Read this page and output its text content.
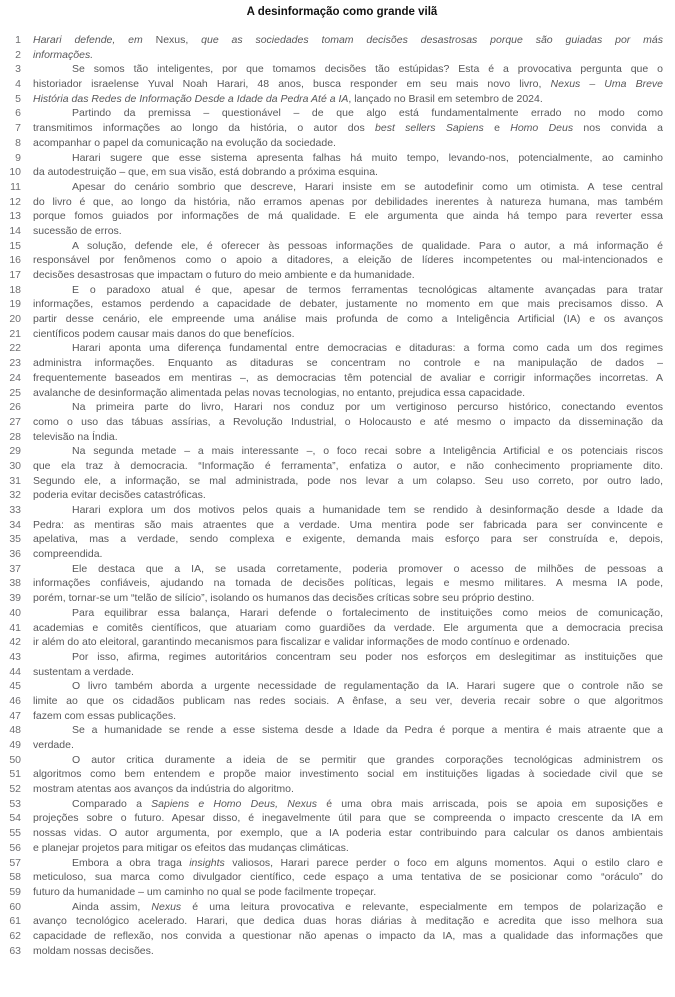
A desinformação como grande vilã
1 Harari defende, em Nexus, que as sociedades tomam decisões desastrosas porque são guiadas por más
2 informações.
3	Se somos tão inteligentes, por que tomamos decisões tão estúpidas? Esta é a provocativa pergunta que o
4 historiador israelense Yuval Noah Harari, 48 anos, busca responder em seu mais novo livro, Nexus – Uma Breve
5 História das Redes de Informação Desde a Idade da Pedra Até a IA, lançado no Brasil em setembro de 2024.
6	Partindo da premissa – questionável – de que algo está fundamentalmente errado no modo como
7 transmitimos informações ao longo da história, o autor dos best sellers Sapiens e Homo Deus nos convida a
8 acompanhar o papel da comunicação na evolução da sociedade.
9	Harari sugere que esse sistema apresenta falhas há muito tempo, levando-nos, potencialmente, ao caminho
10 da autodestruição – que, em sua visão, está dobrando a próxima esquina.
11	Apesar do cenário sombrio que descreve, Harari insiste em se autodefinir como um otimista. A tese central
12 do livro é que, ao longo da história, não erramos apenas por debilidades inerentes à natureza humana, mas também
13 porque fomos guiados por informações de má qualidade. E ele argumenta que ainda há tempo para reverter essa
14 sucessão de erros.
15	A solução, defende ele, é oferecer às pessoas informações de qualidade. Para o autor, a má informação é
16 responsável por fenômenos como o apoio a ditadores, a eleição de líderes incompetentes ou mal-intencionados e
17 decisões desastrosas que impactam o futuro do meio ambiente e da humanidade.
18	E o paradoxo atual é que, apesar de termos ferramentas tecnológicas altamente avançadas para tratar
19 informações, estamos perdendo a capacidade de debater, justamente no momento em que mais precisamos disso. A
20 partir desse cenário, ele empreende uma análise mais profunda de como a Inteligência Artificial (IA) e os avanços
21 científicos podem causar mais danos do que benefícios.
22	Harari aponta uma diferença fundamental entre democracias e ditaduras: a forma como cada um dos regimes
23 administra informações. Enquanto as ditaduras se concentram no controle e na manipulação de dados –
24 frequentemente baseados em mentiras –, as democracias têm potencial de avaliar e corrigir informações incorretas. A
25 avalanche de desinformação alimentada pelas novas tecnologias, no entanto, prejudica essa capacidade.
26	Na primeira parte do livro, Harari nos conduz por um vertiginoso percurso histórico, conectando eventos
27 como o uso das tábuas assírias, a Revolução Industrial, o Holocausto e até mesmo o impacto da disseminação da
28 televisão na Índia.
29	Na segunda metade – a mais interessante –, o foco recai sobre a Inteligência Artificial e os potenciais riscos
30 que ela traz à democracia. “Informação é ferramenta”, enfatiza o autor, e não conhecimento propriamente dito.
31 Segundo ele, a informação, se mal administrada, pode nos levar a um colapso. Seu uso correto, por outro lado,
32 poderia evitar decisões catastróficas.
33	Harari explora um dos motivos pelos quais a humanidade tem se rendido à desinformação desde a Idade da
34 Pedra: as mentiras são mais atraentes que a verdade. Uma mentira pode ser fabricada para ser convincente e
35 apelativa, mas a verdade, sendo complexa e exigente, demanda mais esforço para ser construída e, depois,
36 compreendida.
37	Ele destaca que a IA, se usada corretamente, poderia promover o acesso de milhões de pessoas a
38 informações confiáveis, ajudando na tomada de decisões políticas, legais e mesmo militares. A mesma IA pode,
39 porém, tornar-se um “telão de silício”, isolando os humanos das decisões críticas sobre seu próprio destino.
40	Para equilibrar essa balança, Harari defende o fortalecimento de instituições como meios de comunicação,
41 academias e comitês científicos, que atuariam como guardiões da verdade. Ele argumenta que a democracia precisa
42 ir além do ato eleitoral, garantindo mecanismos para fiscalizar e validar informações de modo contínuo e ordenado.
43	Por isso, afirma, regimes autoritários concentram seu poder nos esforços em deslegitimar as instituições que
44 sustentam a verdade.
45	O livro também aborda a urgente necessidade de regulamentação da IA. Harari sugere que o controle não se
46 limite ao que os cidadãos publicam nas redes sociais. A ênfase, a seu ver, deveria recair sobre o que algoritmos
47 fazem com essas publicações.
48	Se a humanidade se rende a esse sistema desde a Idade da Pedra é porque a mentira é mais atraente que a
49 verdade.
50	O autor critica duramente a ideia de se permitir que grandes corporações tecnológicas administrem os
51 algoritmos como bem entendem e propõe maior investimento social em instituições ligadas à sociedade civil que se
52 mostram atentas aos avanços da indústria do algoritmo.
53	Comparado a Sapiens e Homo Deus, Nexus é uma obra mais arriscada, pois se apoia em suposições e
54 projeções sobre o futuro. Apesar disso, é inegavelmente útil para que se compreenda o impacto crescente da IA em
55 nossas vidas. O autor argumenta, por exemplo, que a IA poderia estar contribuindo para calcular os danos ambientais
56 e planejar projetos para mitigar os efeitos das mudanças climáticas.
57	Embora a obra traga insights valiosos, Harari parece perder o foco em alguns momentos. Aqui o estilo claro e
58 meticuloso, sua marca como divulgador científico, cede espaço a uma tentativa de se posicionar como “oráculo” do
59 futuro da humanidade – um caminho no qual se pode facilmente tropeçar.
60	Ainda assim, Nexus é uma leitura provocativa e relevante, especialmente em tempos de polarização e
61 avanço tecnológico acelerado. Harari, que dedica duas horas diárias à meditação e acredita que isso melhora sua
62 capacidade de reflexão, nos convida a questionar não apenas o impacto da IA, mas a qualidade das informações que
63 moldam nossas decisões.
